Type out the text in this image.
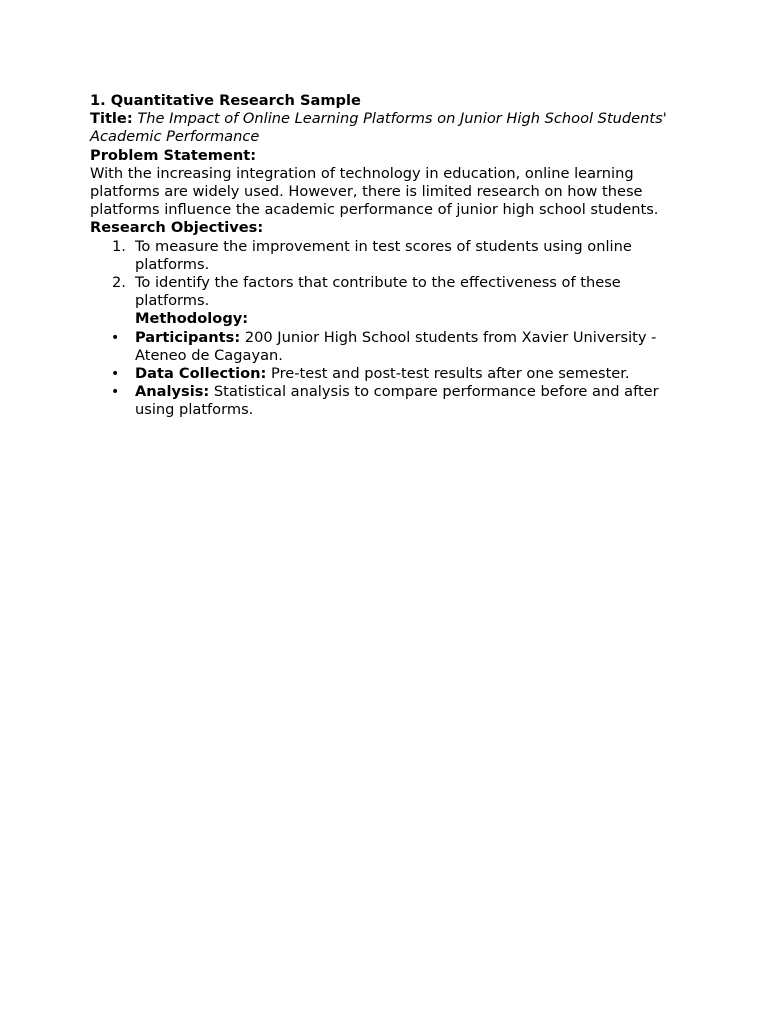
1. Quantitative Research Sample

Title: The Impact of Online Learning Platforms on Junior High School Students' Academic Performance

Problem Statement:

With the increasing integration of technology in education, online learning platforms are widely used. However, there is limited research on how these platforms influence the academic performance of junior high school students.

Research Objectives:

1. To measure the improvement in test scores of students using online platforms.
2. To identify the factors that contribute to the effectiveness of these platforms.

Methodology:

• Participants: 200 Junior High School students from Xavier University - Ateneo de Cagayan.
• Data Collection: Pre-test and post-test results after one semester.
• Analysis: Statistical analysis to compare performance before and after using platforms.
